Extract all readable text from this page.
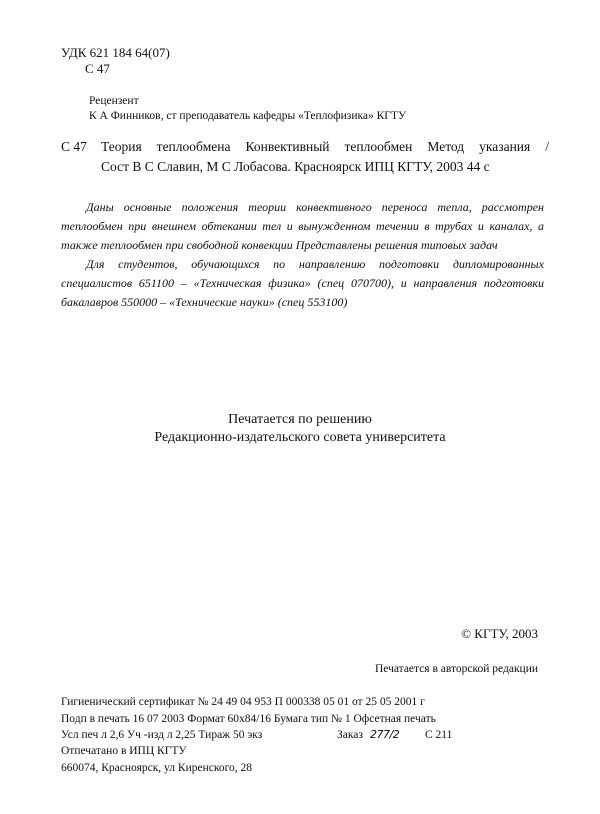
УДК 621 184 64(07)
С 47
Рецензент
К А Финников, ст преподаватель кафедры «Теплофизика» КГТУ
С 47 Теория теплообмена Конвективный теплообмен Метод указания /
Сост В С Славин, М С Лобасова. Красноярск ИПЦ КГТУ, 2003 44 с

Даны основные положения теории конвективного переноса тепла, рассмотрен теплообмен при внешнем обтекании тел и вынужденном течении в трубах и каналах, а также теплообмен при свободной конвекции Представлены решения типовых задач

Для студентов, обучающихся по направлению подготовки дипломированных специалистов 651100 – «Техническая физика» (спец 070700), и направления подготовки бакалавров 550000 – «Технические науки» (спец 553100)

Печатается по решению
Редакционно-издательского совета университета
© КГТУ, 2003
Печатается в авторской редакции
Гигиенический сертификат № 24 49 04 953 П 000338 05 01 от 25 05 2001 г
Подп в печать 16 07 2003 Формат 60х84/16 Бумага тип № 1 Офсетная печать
Усл печ л 2,6 Уч -изд л 2,25 Тираж 50 экз	Заказ 277/2 С 211
Отпечатано в ИПЦ КГТУ
660074, Красноярск, ул Киренского, 28
